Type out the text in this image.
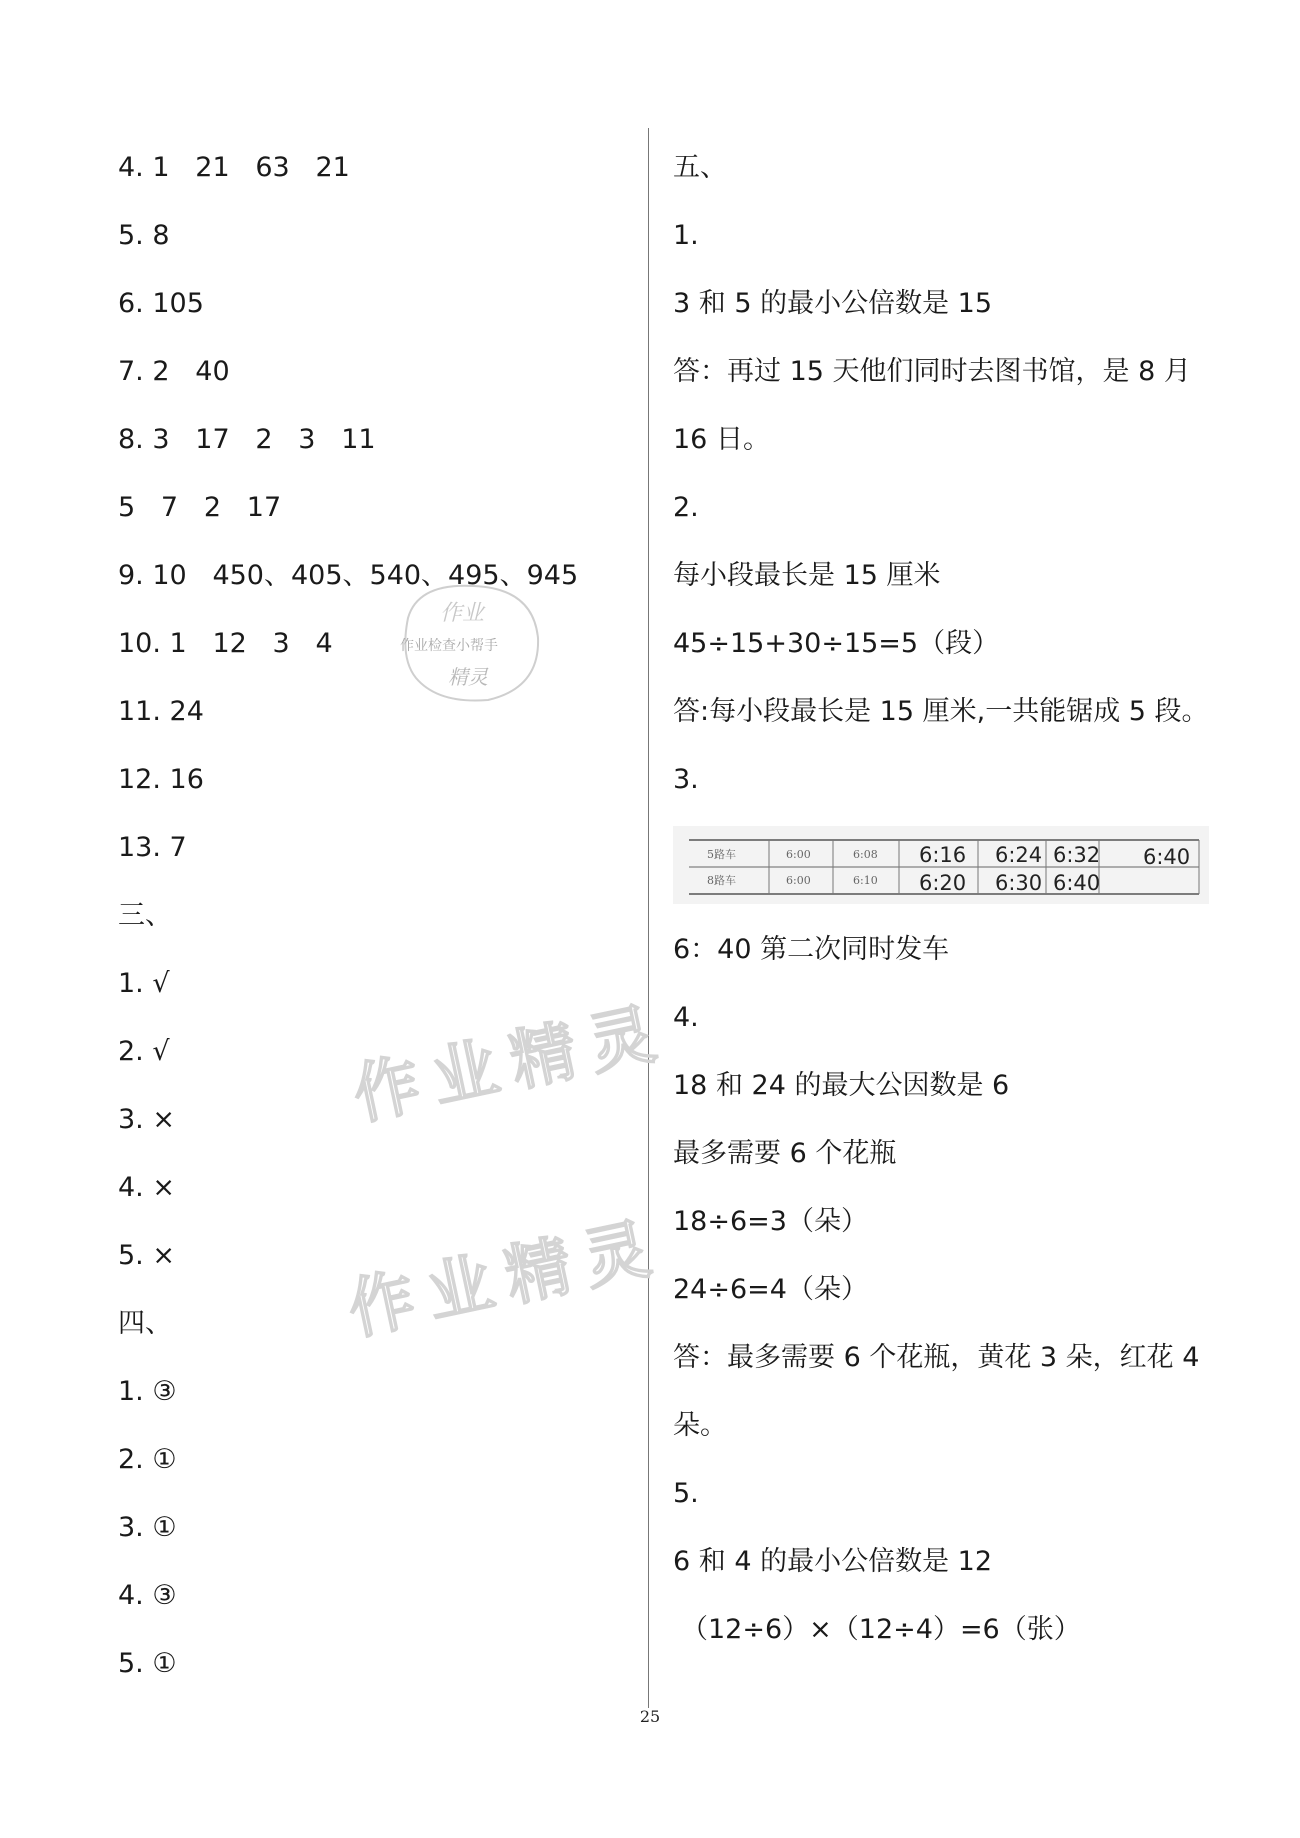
4. 1   21   63   21
5. 8
6. 105
7. 2   40
8. 3   17   2   3   11
5   7   2   17
9. 10   450、405、540、495、945
10. 1   12   3   4
11. 24
12. 16
13. 7
三、
1. √
2. √
3. ×
4. ×
5. ×
四、
1. ③
2. ①
3. ①
4. ③
5. ①
五、
1.
3 和 5 的最小公倍数是 15
答：再过 15 天他们同时去图书馆，是 8 月
16 日。
2.
每小段最长是 15 厘米
45÷15+30÷15=5（段）
答:每小段最长是 15 厘米,一共能锯成 5 段。
3.
6：40 第二次同时发车
4.
18 和 24 的最大公因数是 6
最多需要 6 个花瓶
18÷6=3（朵）
24÷6=4（朵）
答：最多需要 6 个花瓶，黄花 3 朵，红花 4
朵。
5.
6 和 4 的最小公倍数是 12
（12÷6）×（12÷4）=6（张）
5路车	6:00	6:08 6:16 6:24 6:32 6:40
8路车	6:00	6:10 6:20 6:30 6:40
作业
作业检查小帮手
精灵
作业精灵
作业精灵
25
